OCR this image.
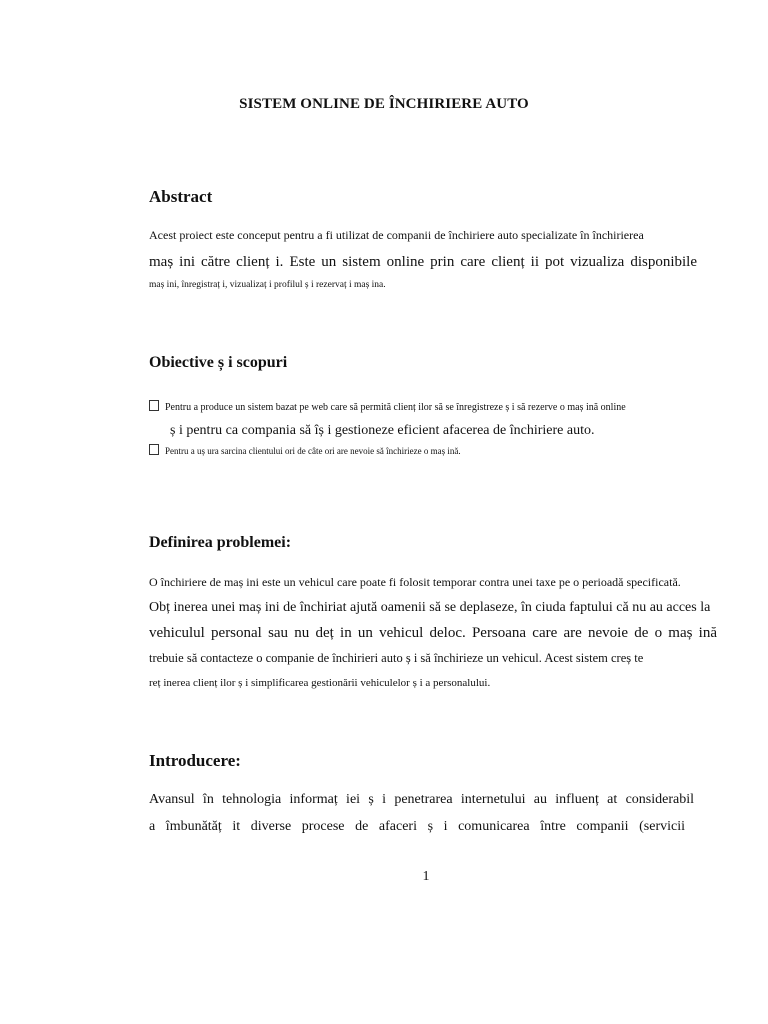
SISTEM ONLINE DE ÎNCHIRIERE AUTO
Abstract
Acest proiect este conceput pentru a fi utilizat de companii de închiriere auto specializate în închirierea
maș ini către clienț i. Este un sistem online prin care clienț ii pot vizualiza disponibile
maș ini, înregistraț i, vizualizaț i profilul ș i rezervaț i maș ina.
Obiective ș i scopuri
Pentru a produce un sistem bazat pe web care să permită clienț ilor să se înregistreze ș i să rezerve o maș ină online
ș i pentru ca compania să îș i gestioneze eficient afacerea de închiriere auto.
Pentru a uș ura sarcina clientului ori de câte ori are nevoie să închirieze o maș ină.
Definirea problemei:
O închiriere de maș ini este un vehicul care poate fi folosit temporar contra unei taxe pe o perioadă specificată.
Obț inerea unei maș ini de închiriat ajută oamenii să se deplaseze, în ciuda faptului că nu au acces la
vehiculul personal sau nu deț in un vehicul deloc. Persoana care are nevoie de o maș ină
trebuie să contacteze o companie de închirieri auto ș i să închirieze un vehicul. Acest sistem creș te
reț inerea clienț ilor ș i simplificarea gestionării vehiculelor ș i a personalului.
Introducere:
Avansul în tehnologia informaț iei ș i penetrarea internetului au influenț at considerabil
a îmbunătăț it diverse procese de afaceri ș i comunicarea între companii (servicii
1
